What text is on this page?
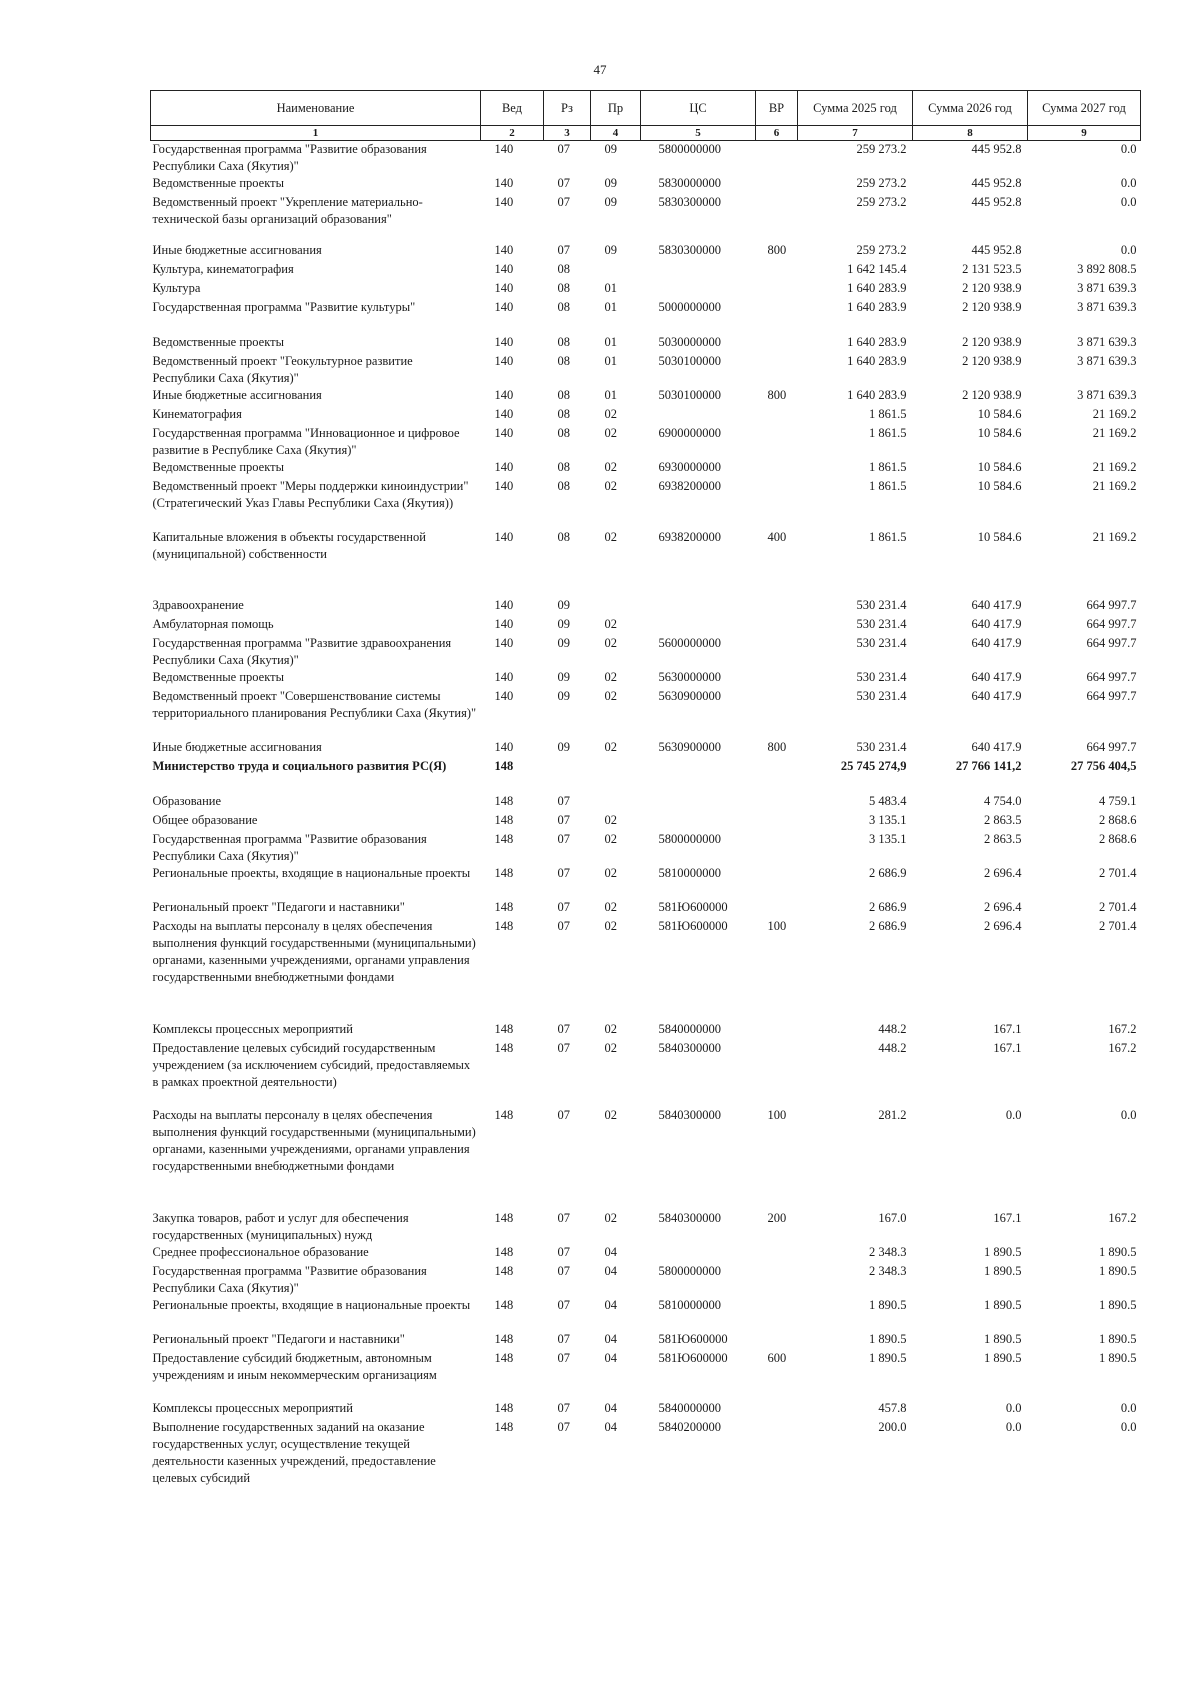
47
Наименование	Вед	Рз	Пр	ЦС	ВР	Сумма 2025 год	Сумма 2026 год	Сумма 2027 год
1	2	3	4	5	6	7	8	9
Государственная программа "Развитие образования Республики Саха (Якутия)"	140	07	09	5800000000		259 273.2	445 952.8	0.0
Ведомственные проекты	140	07	09	5830000000		259 273.2	445 952.8	0.0
Ведомственный проект "Укрепление материально-технической базы организаций образования"	140	07	09	5830300000		259 273.2	445 952.8	0.0
Иные бюджетные ассигнования	140	07	09	5830300000	800	259 273.2	445 952.8	0.0
Культура, кинематография	140	08				1 642 145.4	2 131 523.5	3 892 808.5
Культура	140	08	01			1 640 283.9	2 120 938.9	3 871 639.3
Государственная программа "Развитие культуры"	140	08	01	5000000000		1 640 283.9	2 120 938.9	3 871 639.3
Ведомственные проекты	140	08	01	5030000000		1 640 283.9	2 120 938.9	3 871 639.3
Ведомственный проект "Геокультурное развитие Республики Саха (Якутия)"	140	08	01	5030100000		1 640 283.9	2 120 938.9	3 871 639.3
Иные бюджетные ассигнования	140	08	01	5030100000	800	1 640 283.9	2 120 938.9	3 871 639.3
Кинематография	140	08	02			1 861.5	10 584.6	21 169.2
Государственная программа "Инновационное и цифровое развитие в Республике Саха (Якутия)"	140	08	02	6900000000		1 861.5	10 584.6	21 169.2
Ведомственные проекты	140	08	02	6930000000		1 861.5	10 584.6	21 169.2
Ведомственный проект "Меры поддержки киноиндустрии" (Стратегический Указ Главы Республики Саха (Якутия))	140	08	02	6938200000		1 861.5	10 584.6	21 169.2
Капитальные вложения в объекты государственной (муниципальной) собственности	140	08	02	6938200000	400	1 861.5	10 584.6	21 169.2
Здравоохранение	140	09				530 231.4	640 417.9	664 997.7
Амбулаторная помощь	140	09	02			530 231.4	640 417.9	664 997.7
Государственная программа "Развитие здравоохранения Республики Саха (Якутия)"	140	09	02	5600000000		530 231.4	640 417.9	664 997.7
Ведомственные проекты	140	09	02	5630000000		530 231.4	640 417.9	664 997.7
Ведомственный проект "Совершенствование системы территориального планирования Республики Саха (Якутия)"	140	09	02	5630900000		530 231.4	640 417.9	664 997.7
Иные бюджетные ассигнования	140	09	02	5630900000	800	530 231.4	640 417.9	664 997.7
Министерство труда и социального развития РС(Я)	148					25 745 274,9	27 766 141,2	27 756 404,5
Образование	148	07				5 483.4	4 754.0	4 759.1
Общее образование	148	07	02			3 135.1	2 863.5	2 868.6
Государственная программа "Развитие образования Республики Саха (Якутия)"	148	07	02	5800000000		3 135.1	2 863.5	2 868.6
Региональные проекты, входящие в национальные проекты	148	07	02	5810000000		2 686.9	2 696.4	2 701.4
Региональный проект "Педагоги и наставники"	148	07	02	581Ю600000		2 686.9	2 696.4	2 701.4
Расходы на выплаты персоналу в целях обеспечения выполнения функций государственными (муниципальными) органами, казенными учреждениями, органами управления государственными внебюджетными фондами	148	07	02	581Ю600000	100	2 686.9	2 696.4	2 701.4
Комплексы процессных мероприятий	148	07	02	5840000000		448.2	167.1	167.2
Предоставление целевых субсидий государственным учреждением (за исключением субсидий, предоставляемых в рамках проектной деятельности)	148	07	02	5840300000		448.2	167.1	167.2
Расходы на выплаты персоналу в целях обеспечения выполнения функций государственными (муниципальными) органами, казенными учреждениями, органами управления государственными внебюджетными фондами	148	07	02	5840300000	100	281.2	0.0	0.0
Закупка товаров, работ и услуг для обеспечения государственных (муниципальных) нужд	148	07	02	5840300000	200	167.0	167.1	167.2
Среднее профессиональное образование	148	07	04			2 348.3	1 890.5	1 890.5
Государственная программа "Развитие образования Республики Саха (Якутия)"	148	07	04	5800000000		2 348.3	1 890.5	1 890.5
Региональные проекты, входящие в национальные проекты	148	07	04	5810000000		1 890.5	1 890.5	1 890.5
Региональный проект "Педагоги и наставники"	148	07	04	581Ю600000		1 890.5	1 890.5	1 890.5
Предоставление субсидий бюджетным, автономным учреждениям и иным некоммерческим организациям	148	07	04	581Ю600000	600	1 890.5	1 890.5	1 890.5
Комплексы процессных мероприятий	148	07	04	5840000000		457.8	0.0	0.0
Выполнение государственных заданий на оказание государственных услуг, осуществление текущей деятельности казенных учреждений, предоставление целевых субсидий	148	07	04	5840200000		200.0	0.0	0.0
